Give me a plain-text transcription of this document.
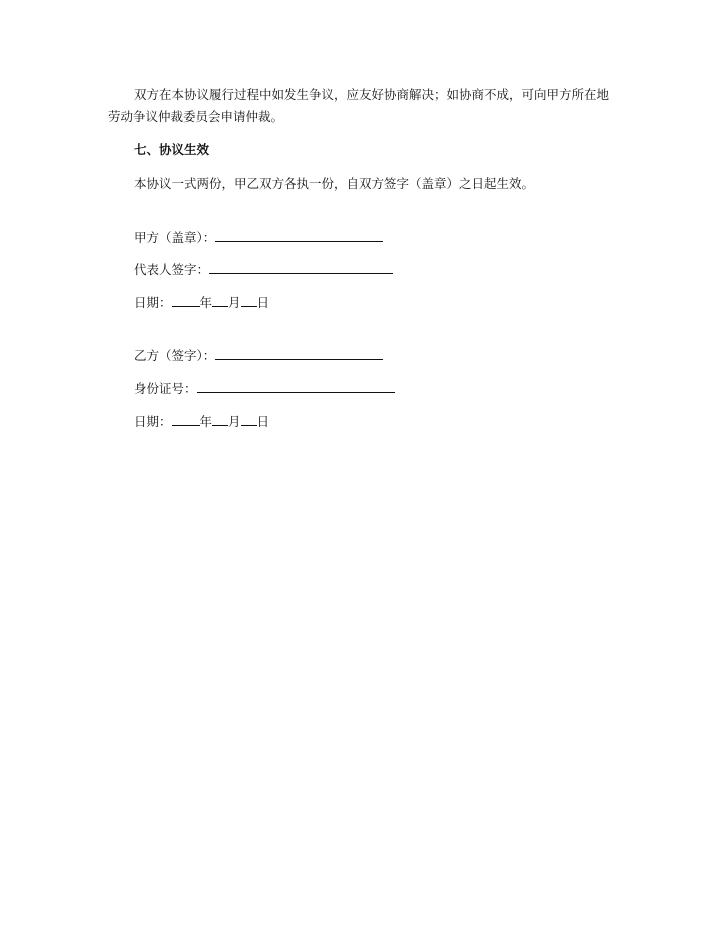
双方在本协议履行过程中如发生争议，应友好协商解决；如协商不成，可向甲方所在地劳动争议仲裁委员会申请仲裁。

七、协议生效

本协议一式两份，甲乙双方各执一份，自双方签字（盖章）之日起生效。

甲方（盖章）：

代表人签字：

日期： 年 月 日

乙方（签字）：

身份证号：

日期： 年 月 日
